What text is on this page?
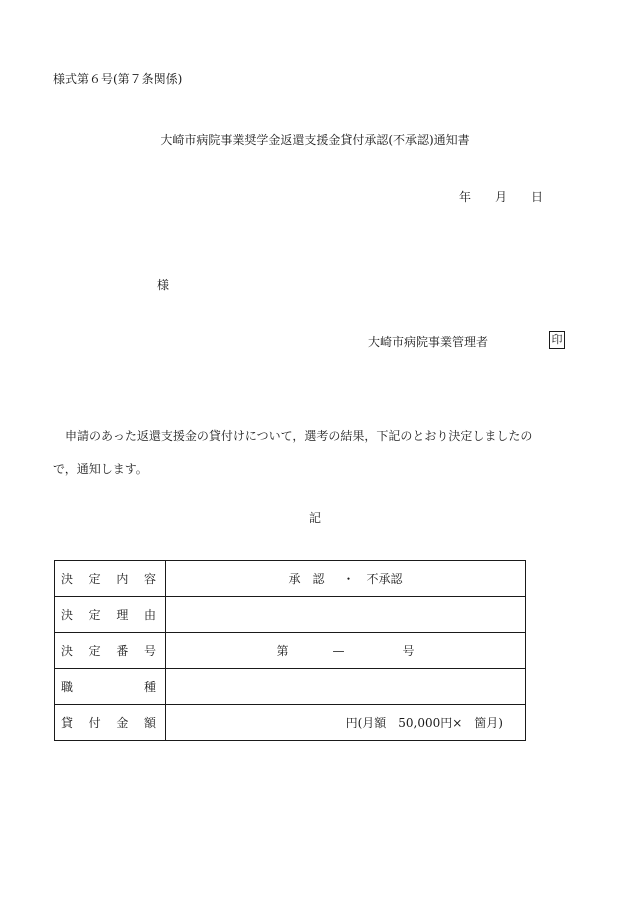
様式第６号(第７条関係)
大崎市病院事業奨学金返還支援金貸付承認(不承認)通知書
年 月 日
様
大崎市病院事業管理者	印
申請のあった返還支援金の貸付けについて，選考の結果，下記のとおり決定しましたの
で，通知します。
記
決 定 内 容	承　認 ・ 不承認

決 定 理 由	

決 定 番 号	第 — 号

職 種	

貸 付 金 額	円(月額　50,000円×　箇月)
